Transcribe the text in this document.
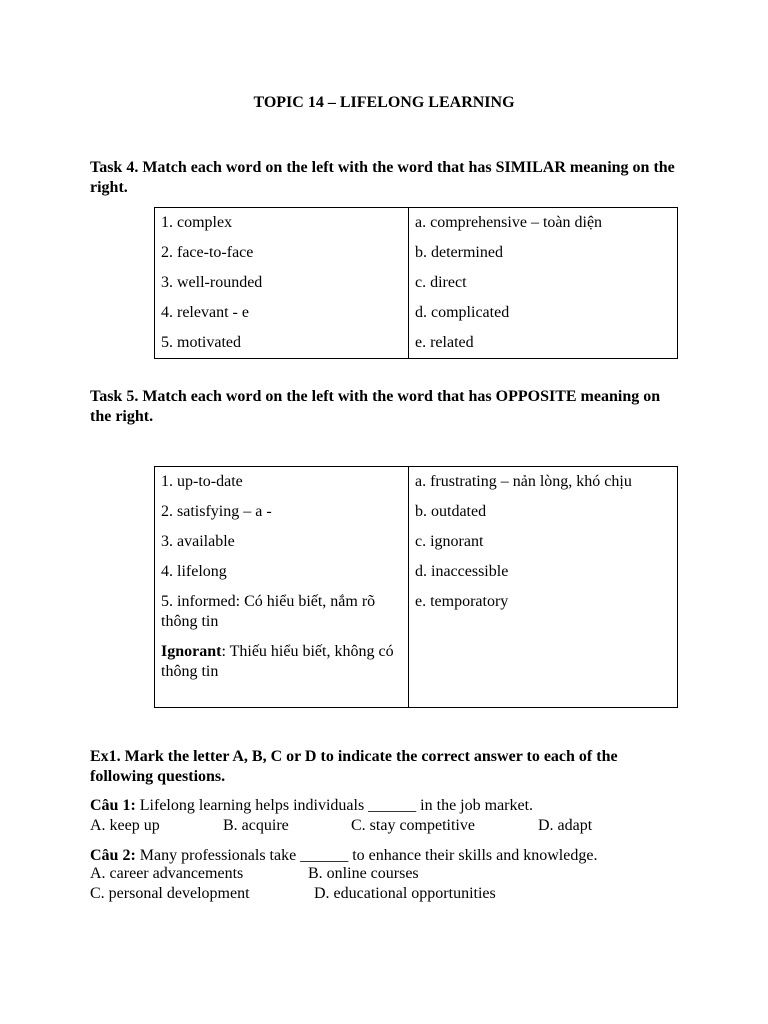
TOPIC 14 – LIFELONG LEARNING
Task 4. Match each word on the left with the word that has SIMILAR meaning on the right.
1. complex	a. comprehensive – toàn diện
2. face-to-face	b. determined
3. well-rounded	c. direct
4. relevant - e	d. complicated
5. motivated	e. related
Task 5. Match each word on the left with the word that has OPPOSITE meaning on the right.
1. up-to-date	a. frustrating – nản lòng, khó chịu
2. satisfying – a -	b. outdated
3. available	c. ignorant
4. lifelong	d. inaccessible
5. informed: Có hiểu biết, nắm rõ thông tin	e. temporatory
Ignorant: Thiếu hiểu biết, không có thông tin	
Ex1. Mark the letter A, B, C or D to indicate the correct answer to each of the following questions.
Câu 1: Lifelong learning helps individuals ______ in the job market.
A. keep up	B. acquire	C. stay competitive	D. adapt
Câu 2: Many professionals take ______ to enhance their skills and knowledge.
A. career advancements	B. online courses
C. personal development	D. educational opportunities
